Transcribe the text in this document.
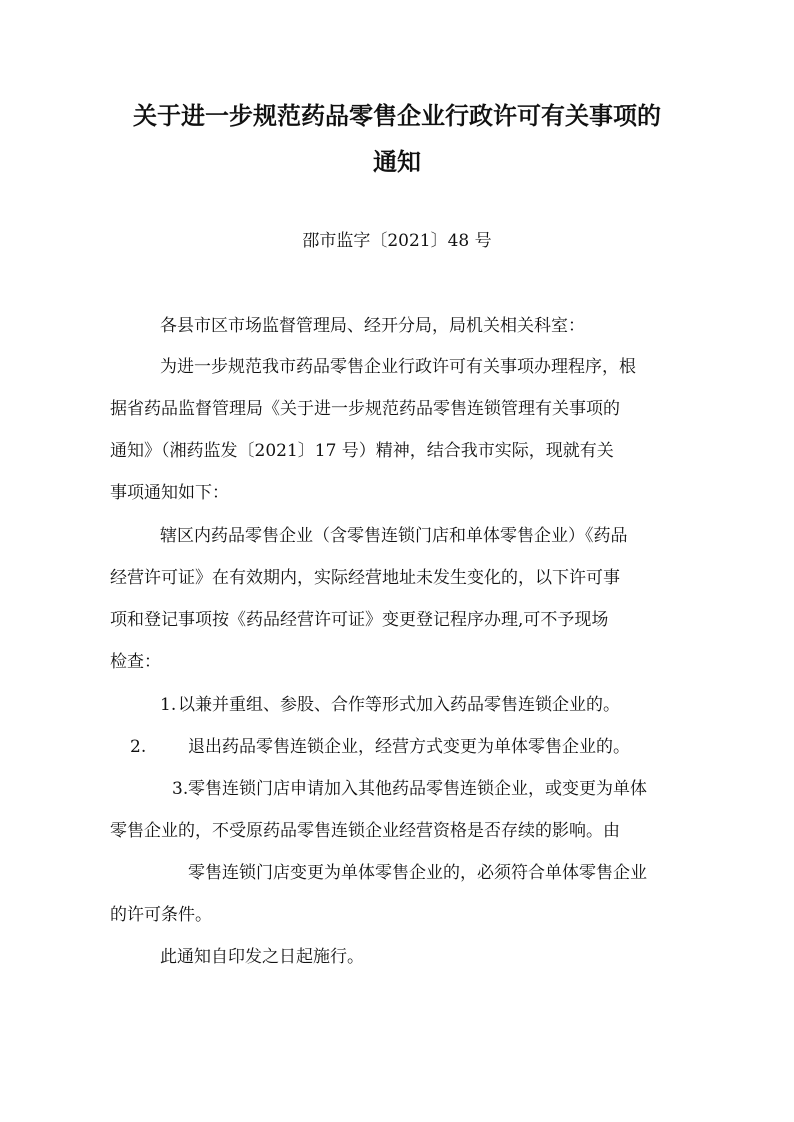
关于进一步规范药品零售企业行政许可有关事项的
通知
邵市监字〔2021〕48 号
各县市区市场监督管理局、经开分局，局机关相关科室：
为进一步规范我市药品零售企业行政许可有关事项办理程序，根
据省药品监督管理局《关于进一步规范药品零售连锁管理有关事项的
通知》（湘药监发〔2021〕17 号）精神，结合我市实际，现就有关
事项通知如下：
辖区内药品零售企业（含零售连锁门店和单体零售企业）《药品
经营许可证》在有效期内，实际经营地址未发生变化的，以下许可事
项和登记事项按《药品经营许可证》变更登记程序办理,可不予现场
检查：
1. 以兼并重组、参股、合作等形式加入药品零售连锁企业的。
2. 退出药品零售连锁企业，经营方式变更为单体零售企业的。
3. 零售连锁门店申请加入其他药品零售连锁企业，或变更为单体
零售企业的，不受原药品零售连锁企业经营资格是否存续的影响。由
零售连锁门店变更为单体零售企业的，必须符合单体零售企业
的许可条件。
此通知自印发之日起施行。
